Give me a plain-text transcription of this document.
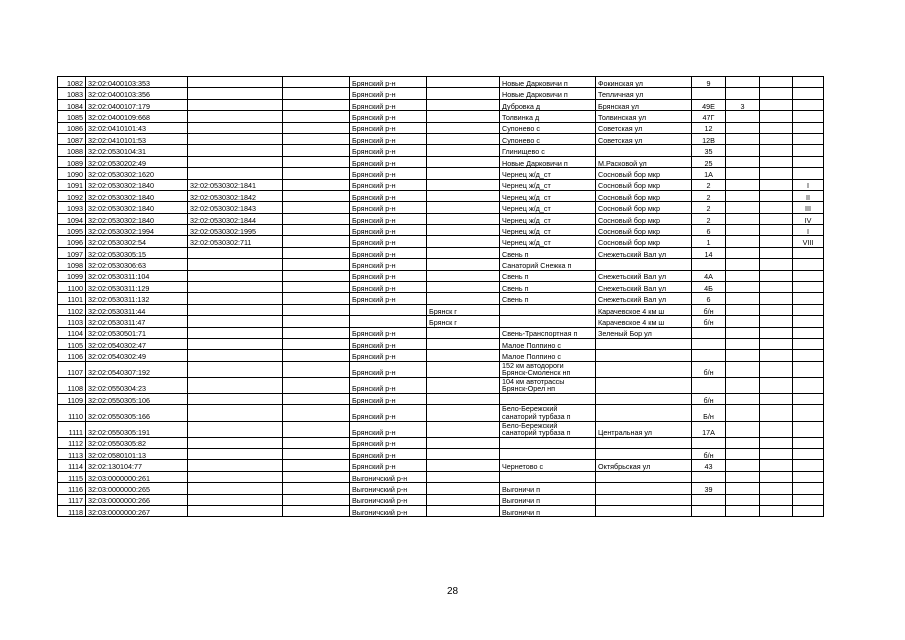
1082	32:02:0400103:353			Брянский р-н		Новые Дарковичи п	Фокинская ул	9			
1083	32:02:0400103:356			Брянский р-н		Новые Дарковичи п	Тепличная ул				
1084	32:02:0400107:179			Брянский р-н		Дубровка д	Брянская ул	49Е	3		
1085	32:02:0400109:668			Брянский р-н		Толвинка д	Толвинская ул	47Г			
1086	32:02:0410101:43			Брянский р-н		Супонево с	Советская ул	12			
1087	32:02:0410101:53			Брянский р-н		Супонево с	Советская ул	12В			
1088	32:02:0530104:31			Брянский р-н		Глинищево с		35			
1089	32:02:0530202:49			Брянский р-н		Новые Дарковичи п	М.Расковой ул	25			
1090	32:02:0530302:1620			Брянский р-н		Чернец ж/д_ст	Сосновый бор мкр	1А			
1091	32:02:0530302:1840	32:02:0530302:1841		Брянский р-н		Чернец ж/д_ст	Сосновый бор мкр	2			I
1092	32:02:0530302:1840	32:02:0530302:1842		Брянский р-н		Чернец ж/д_ст	Сосновый бор мкр	2			II
1093	32:02:0530302:1840	32:02:0530302:1843		Брянский р-н		Чернец ж/д_ст	Сосновый бор мкр	2			III
1094	32:02:0530302:1840	32:02:0530302:1844		Брянский р-н		Чернец ж/д_ст	Сосновый бор мкр	2			IV
1095	32:02:0530302:1994	32:02:0530302:1995		Брянский р-н		Чернец ж/д_ст	Сосновый бор мкр	6			I
1096	32:02:0530302:54	32:02:0530302:711		Брянский р-н		Чернец ж/д_ст	Сосновый бор мкр	1			VIII
1097	32:02:0530305:15			Брянский р-н		Свень п	Снежетьский Вал ул	14			
1098	32:02:0530306:63			Брянский р-н		Санаторий Снежка п					
1099	32:02:0530311:104			Брянский р-н		Свень п	Снежетьский Вал ул	4А			
1100	32:02:0530311:129			Брянский р-н		Свень п	Снежетьский Вал ул	4Б			
1101	32:02:0530311:132			Брянский р-н		Свень п	Снежетьский Вал ул	6			
1102	32:02:0530311:44				Брянск г		Карачевское 4 км ш	б/н			
1103	32:02:0530311:47				Брянск г		Карачевское 4 км ш	б/н			
1104	32:02:0530501:71			Брянский р-н		Свень-Транспортная п	Зеленый Бор ул				
1105	32:02:0540302:47			Брянский р-н		Малое Полпино с					
1106	32:02:0540302:49			Брянский р-н		Малое Полпино с					
1107	32:02:0540307:192			Брянский р-н		152 км автодороги
Брянск-Смоленск нп		б/н			
1108	32:02:0550304:23			Брянский р-н		104 км автотрассы
Брянск-Орел нп					
1109	32:02:0550305:106			Брянский р-н				б/н			
1110	32:02:0550305:166			Брянский р-н		Бело-Бережский
санаторий турбаза п		Б/н			
1111	32:02:0550305:191			Брянский р-н		Бело-Бережский
санаторий турбаза п	Центральная ул	17А			
1112	32:02:0550305:82			Брянский р-н							
1113	32:02:0580101:13			Брянский р-н				б/н			
1114	32:02:130104:77			Брянский р-н		Чернетово с	Октябрьская ул	43			
1115	32:03:0000000:261			Выгоничский р-н							
1116	32:03:0000000:265			Выгоничский р-н		Выгоничи п		39			
1117	32:03:0000000:266			Выгоничский р-н		Выгоничи п					
1118	32:03:0000000:267			Выгоничский р-н		Выгоничи п					
28
